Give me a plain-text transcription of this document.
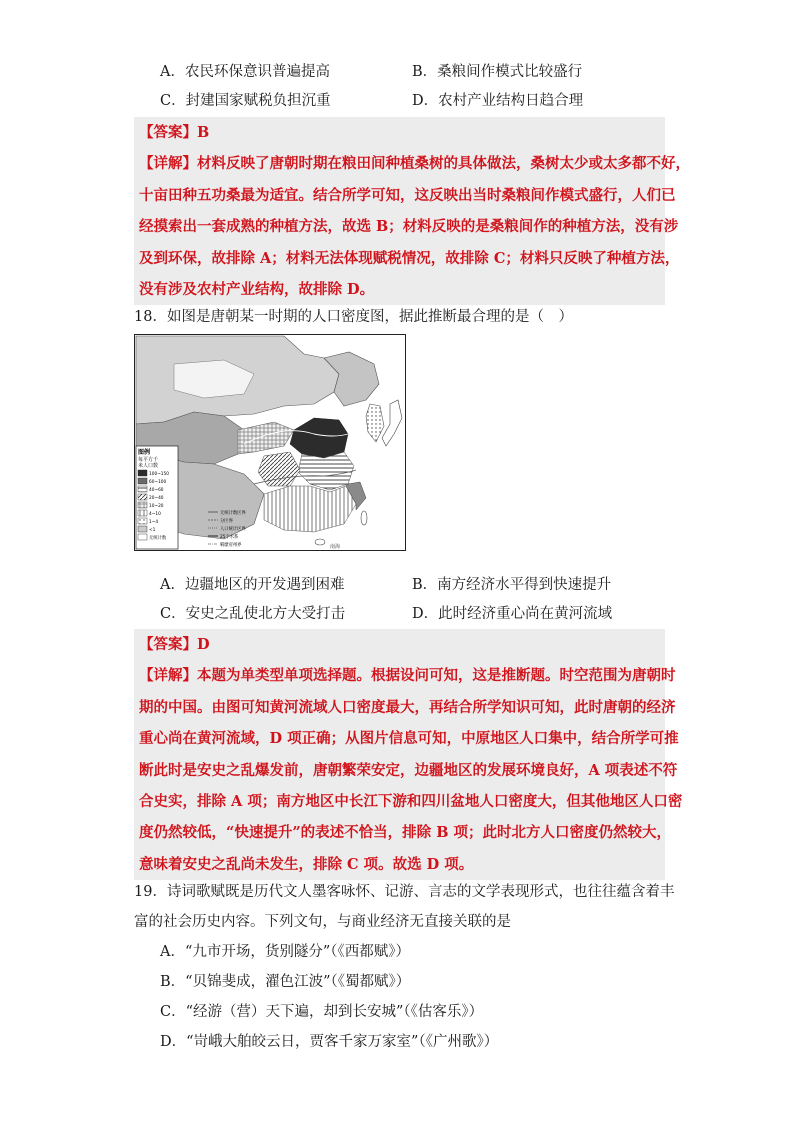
A．农民环保意识普遍提高	B．桑粮间作模式比较盛行
C．封建国家赋税负担沉重	D．农村产业结构日趋合理
【答案】B
【详解】材料反映了唐朝时期在粮田间种植桑树的具体做法，桑树太少或太多都不好，
十亩田种五功桑最为适宜。结合所学可知，这反映出当时桑粮间作模式盛行，人们已
经摸索出一套成熟的种植方法，故选 B；材料反映的是桑粮间作的种植方法，没有涉
及到环保，故排除 A；材料无法体现赋税情况，故排除 C；材料只反映了种植方法，
没有涉及农村产业结构，故排除 D。
18．如图是唐朝某一时期的人口密度图，据此推断最合理的是（　）
南海
图例
每平方千
米人口数
100~150
60~100
40~60
20~40
10~20
4~10
1~4
<1
无统计数
无统计数区界
分区界
人口统计区界
25个水系
羁縻府州界
A．边疆地区的开发遇到困难	B．南方经济水平得到快速提升
C．安史之乱使北方大受打击	D．此时经济重心尚在黄河流域
【答案】D
【详解】本题为单类型单项选择题。根据设问可知，这是推断题。时空范围为唐朝时
期的中国。由图可知黄河流域人口密度最大，再结合所学知识可知，此时唐朝的经济
重心尚在黄河流域，D 项正确；从图片信息可知，中原地区人口集中，结合所学可推
断此时是安史之乱爆发前，唐朝繁荣安定，边疆地区的发展环境良好，A 项表述不符
合史实，排除 A 项；南方地区中长江下游和四川盆地人口密度大，但其他地区人口密
度仍然较低，“快速提升”的表述不恰当，排除 B 项；此时北方人口密度仍然较大，
意味着安史之乱尚未发生，排除 C 项。故选 D 项。
19．诗词歌赋既是历代文人墨客咏怀、记游、言志的文学表现形式，也往往蕴含着丰
富的社会历史内容。下列文句，与商业经济无直接关联的是
A．“九市开场，货别隧分”（《西都赋》）
B．“贝锦斐成，濯色江波”（《蜀都赋》）
C．“经游（营）天下遍，却到长安城”（《估客乐》）
D．“岢峨大舶皎云日，贾客千家万家室”（《广州歌》）
